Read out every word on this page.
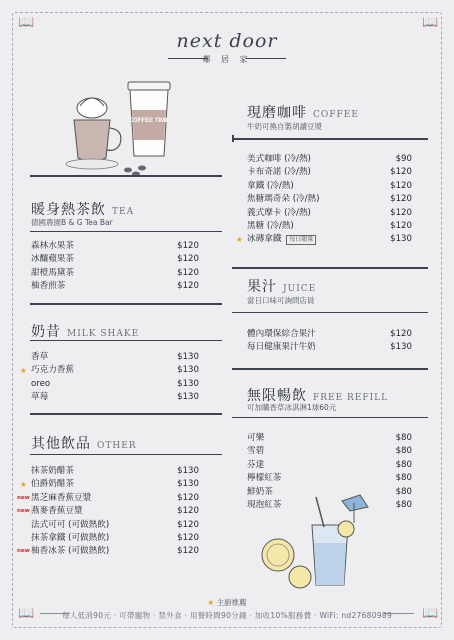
📖	📖
📖	📖
next door
鄰 居 家
COFFEE TIME	現磨咖啡 COFFEE
牛奶可換自製胡讀豆漿
美式咖啡 (冷/熱)	$90
卡布奇諾 (冷/熱)	$120
拿鐵 (冷/熱)	$120
焦糖瑪奇朵 (冷/熱)	$120
義式摩卡 (冷/熱)	$120
黑糖 (冷/熱)	$120
★ 冰磚拿鐵	每日限量	$130
暖身熱茶飲 TEA
德國農園B & G Tea Bar
森林水果茶	$120
冰釀蘋果茶	$120
甜橙馬黛茶	$120
柚香煎茶	$120	果汁 JUICE
當日口味可詢問店員
體內環保綜合果汁	$120
每日健康果汁牛奶	$130
奶昔 MILK SHAKE
香草	$130
★ 巧克力香蕉	$130
oreo	$130
草莓	$130	無限暢飲 FREE REFILL
可加購香草冰淇淋1球60元
可樂	$80
雪碧	$80
芬達	$80
檸檬紅茶	$80
鮮奶茶	$80
現泡紅茶	$80
其他飲品 OTHER
抹茶奶醋茶	$130
★ 伯爵奶醋茶	$130
new 黑芝麻香蕉豆漿	$120
new 燕麥香蕉豆漿	$120
法式可可 (可做熱飲)	$120
抹茶拿鐵 (可做熱飲)	$120
new 柚香冰茶 (可做熱飲)	$120
★ 主廚推薦
每人低消90元 · 可帶寵物 · 禁外食 · 用餐時間90分鐘 · 加收10%服務費 · WiFi: nd27680989
